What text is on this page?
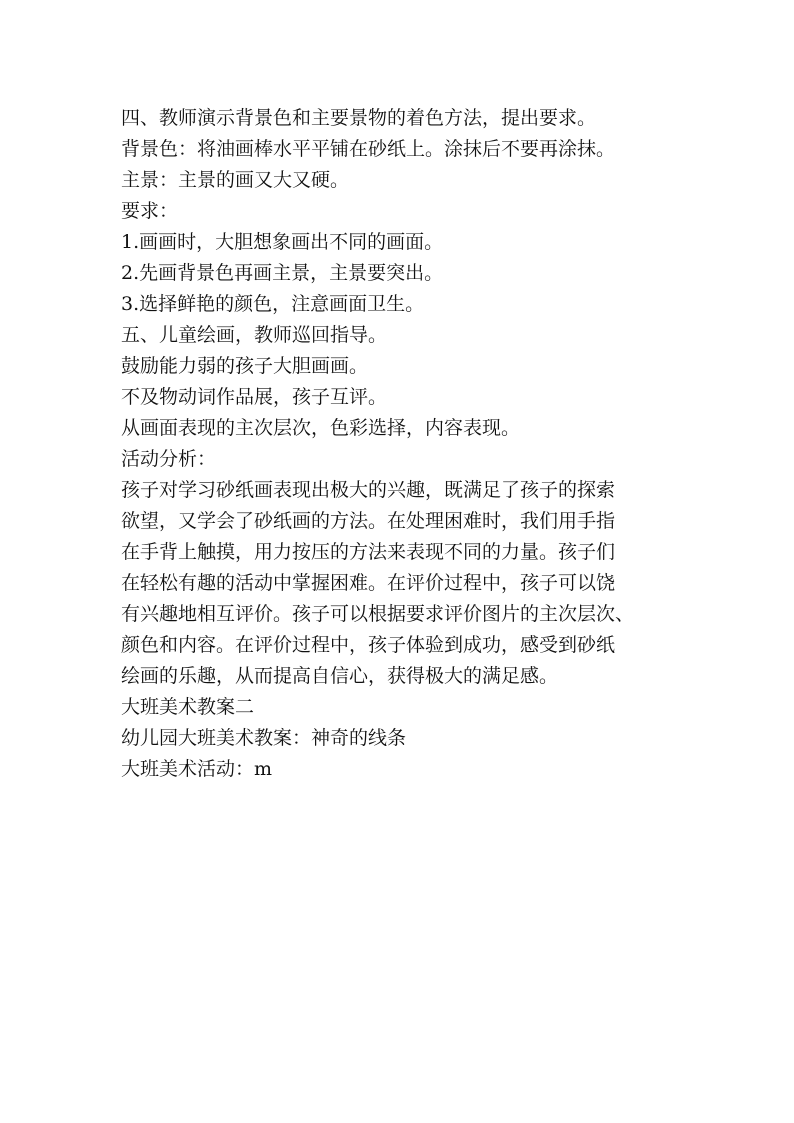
四、教师演示背景色和主要景物的着色方法，提出要求。

背景色：将油画棒水平平铺在砂纸上。涂抹后不要再涂抹。

主景：主景的画又大又硬。

要求：

1.画画时，大胆想象画出不同的画面。

2.先画背景色再画主景，主景要突出。

3.选择鲜艳的颜色，注意画面卫生。

五、儿童绘画，教师巡回指导。

鼓励能力弱的孩子大胆画画。

不及物动词作品展，孩子互评。

从画面表现的主次层次，色彩选择，内容表现。

活动分析：

孩子对学习砂纸画表现出极大的兴趣，既满足了孩子的探索

欲望，又学会了砂纸画的方法。在处理困难时，我们用手指

在手背上触摸，用力按压的方法来表现不同的力量。孩子们

在轻松有趣的活动中掌握困难。在评价过程中，孩子可以饶

有兴趣地相互评价。孩子可以根据要求评价图片的主次层次、

颜色和内容。在评价过程中，孩子体验到成功，感受到砂纸

绘画的乐趣，从而提高自信心，获得极大的满足感。

大班美术教案二

幼儿园大班美术教案：神奇的线条

大班美术活动：m
